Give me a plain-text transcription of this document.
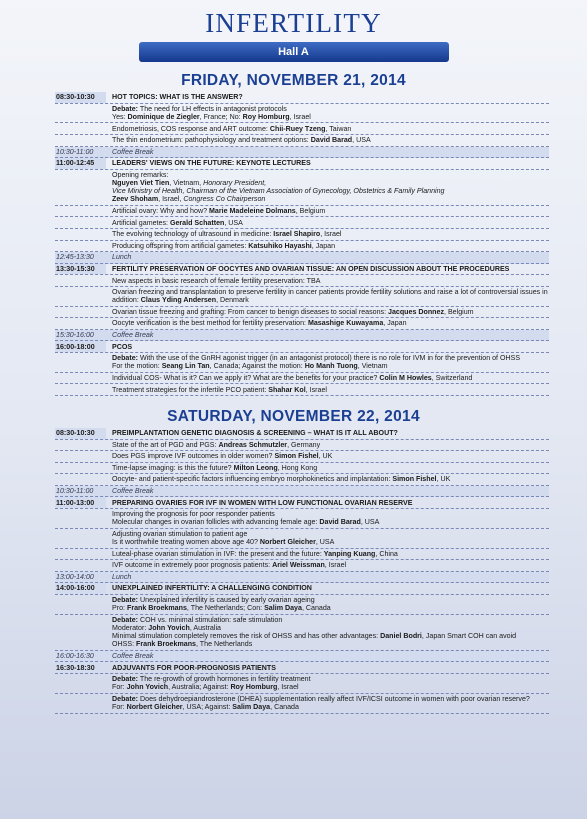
INFERTILITY
Hall A
FRIDAY, NOVEMBER 21, 2014
08:30-10:30	HOT TOPICS: WHAT IS THE ANSWER?
Debate: The need for LH effects in antagonist protocols
Yes: Dominique de Ziegler, France; No: Roy Homburg, Israel
Endometriosis, COS response and ART outcome: Chii-Ruey Tzeng, Taiwan
The thin endometrium: pathophysiology and treatment options: David Barad, USA
10:30-11:00	Coffee Break
11:00-12:45	LEADERS' VIEWS ON THE FUTURE: KEYNOTE LECTURES
Opening remarks:
Nguyen Viet Tien, Vietnam, Honorary President,
Vice Ministry of Health, Chairman of the Vietnam Association of Gynecology, Obstetrics & Family Planning
Zeev Shoham, Israel, Congress Co Chairperson
Artificial ovary: Why and how? Marie Madeleine Dolmans, Belgium
Artificial gametes: Gerald Schatten, USA
The evolving technology of ultrasound in medicine: Israel Shapiro, Israel
Producing offspring from artificial gametes: Katsuhiko Hayashi, Japan
12:45-13:30	Lunch
13:30-15:30	FERTILITY PRESERVATION OF OOCYTES AND OVARIAN TISSUE: AN OPEN DISCUSSION ABOUT THE PROCEDURES
New aspects in basic research of female fertility preservation: TBA
Ovarian freezing and transplantation to preserve fertility in cancer patients provide fertility solutions and raise a lot of controversial issues in addition: Claus Yding Andersen, Denmark
Ovarian tissue freezing and grafting: From cancer to benign diseases to social reasons: Jacques Donnez, Belgium
Oocyte verification is the best method for fertility preservation: Masashige Kuwayama, Japan
15:30-16:00	Coffee Break
16:00-18:00	PCOS
Debate: With the use of the GnRH agonist trigger (in an antagonist protocol) there is no role for IVM in for the prevention of OHSS
For the motion: Seang Lin Tan, Canada; Against the motion: Ho Manh Tuong, Vietnam
Individual COS- What is it? Can we apply it? What are the benefits for your practice? Colin M Howles, Switzerland
Treatment strategies for the infertile PCO patient: Shahar Kol, Israel
SATURDAY, NOVEMBER 22, 2014
08:30-10:30	PREIMPLANTATION GENETIC DIAGNOSIS & SCREENING – WHAT IS IT ALL ABOUT?
State of the art of PGD and PGS: Andreas Schmutzler, Germany
Does PGS improve IVF outcomes in older women? Simon Fishel, UK
Time-lapse imaging: is this the future? Milton Leong, Hong Kong
Oocyte- and patient-specific factors influencing embryo morphokinetics and implantation: Simon Fishel, UK
10:30-11:00	Coffee Break
11:00-13:00	PREPARING OVARIES FOR IVF IN WOMEN WITH LOW FUNCTIONAL OVARIAN RESERVE
Improving the prognosis for poor responder patients
Molecular changes in ovarian follicles with advancing female age: David Barad, USA
Adjusting ovarian stimulation to patient age
Is it worthwhile treating women above age 40? Norbert Gleicher, USA
Luteal-phase ovarian stimulation in IVF: the present and the future: Yanping Kuang, China
IVF outcome in extremely poor prognosis patients: Ariel Weissman, Israel
13:00-14:00	Lunch
14:00-16:00	UNEXPLAINED INFERTILITY: A CHALLENGING CONDITION
Debate: Unexplained infertility is caused by early ovarian ageing
Pro: Frank Broekmans, The Netherlands; Con: Salim Daya, Canada
Debate: COH vs. minimal stimulation: safe stimulation
Moderator: John Yovich, Australia
Minimal stimulation completely removes the risk of OHSS and has other advantages: Daniel Bodri, Japan Smart COH can avoid
OHSS: Frank Broekmans, The Netherlands
16:00-16:30	Coffee Break
16:30-18:30	ADJUVANTS FOR POOR-PROGNOSIS PATIENTS
Debate: The re-growth of growth hormones in fertility treatment
For: John Yovich, Australia; Against: Roy Homburg, Israel
Debate: Does dehydroepiandrosterone (DHEA) supplementation really affect IVF/ICSI outcome in women with poor ovarian reserve?
For: Norbert Gleicher, USA; Against: Salim Daya, Canada
